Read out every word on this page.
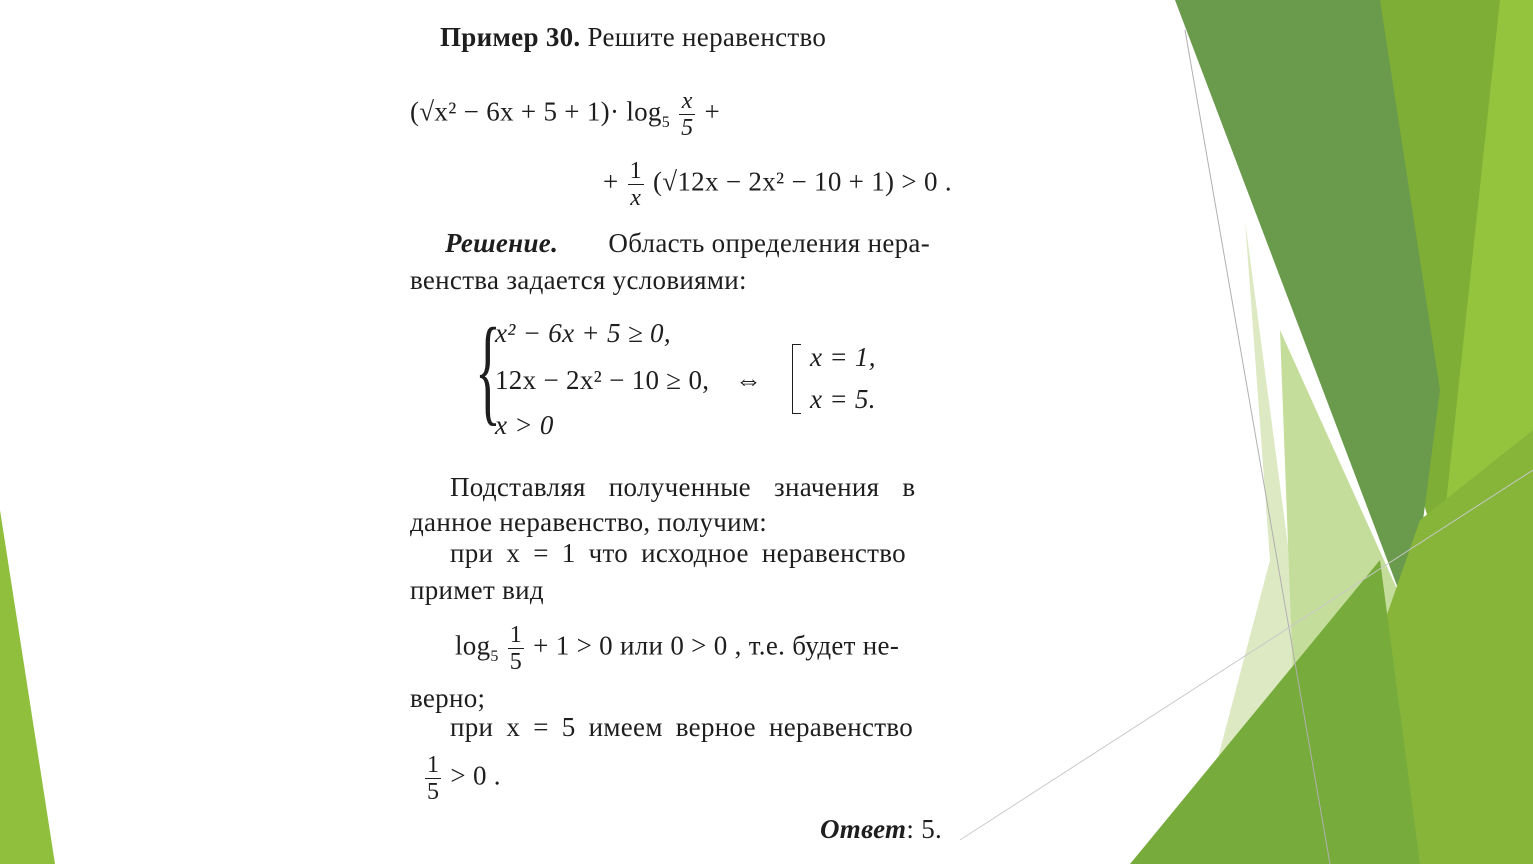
Пример 30. Решите неравенство
$(√x^2 - 6x + 5 + 1)\cdot \log_5 \frac{x}{5}$ +
+ $\frac{1}{x} (√12x - 2x^2 - 10 + 1) > 0$ .
Решение. Область определения нера-
венства задается условиями:
{
x² − 6x + 5 ≥ 0,
12x − 2x² − 10 ≥ 0,
x > 0
⇔
x = 1,
x = 5.
Подставляя полученные значения в
данное неравенство, получим:
при x = 1 что исходное неравенство
примет вид
$\log_5 \frac{1}{5} + 1 > 0$ или 0 > 0 , т.е. будет не-
верно;
при x = 5 имеем верное неравенство
$\frac{1}{5} > 0$ .
Ответ: 5.
